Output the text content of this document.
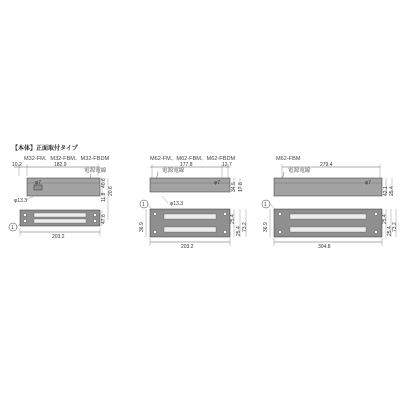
【本体】正面取付タイプ
M32-FM、M32-FBM、M32-FBDM
10.2	182.9
電源電線
φ7	40.6
11.8
20.6
φ13.3
1
47.6
203.2
M62-FM、M62-FBM、M62-FBDM
177.8	12.7
電源電線
φ7 34.5 17.8
φ13.3
1
36.9
25.4
25.4 73.2
203.2
M62-FBM
279.4
電源電線
φ7
42.1 25.4
1
36.9
25.4
25.4 73.2
304.8
